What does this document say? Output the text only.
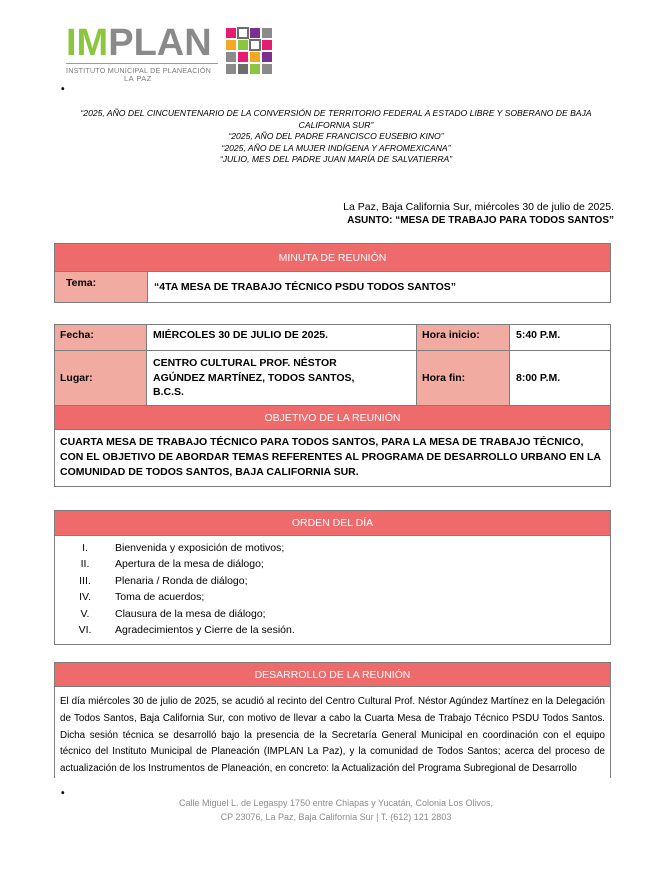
IMPLAN
INSTITUTO MUNICIPAL DE PLANEACIÓN
LA PAZ
•
“2025, AÑO DEL CINCUENTENARIO DE LA CONVERSIÓN DE TERRITORIO FEDERAL A ESTADO LIBRE Y SOBERANO DE BAJA CALIFORNIA SUR”
“2025, AÑO DEL PADRE FRANCISCO EUSEBIO KINO”
“2025, AÑO DE LA MUJER INDÍGENA Y AFROMEXICANA”
“JULIO, MES DEL PADRE JUAN MARÍA DE SALVATIERRA”
La Paz, Baja California Sur, miércoles 30 de julio de 2025.
ASUNTO: “MESA DE TRABAJO PARA TODOS SANTOS”
MINUTA DE REUNIÓN
Tema:	“4TA MESA DE TRABAJO TÉCNICO PSDU TODOS SANTOS”
Fecha:	MIÉRCOLES 30 DE JULIO DE 2025.	Hora inicio:	5:40 P.M.
Lugar:	CENTRO CULTURAL PROF. NÉSTOR AGÚNDEZ MARTÍNEZ, TODOS SANTOS, B.C.S.	Hora fin:	8:00 P.M.
OBJETIVO DE LA REUNIÓN			
CUARTA MESA DE TRABAJO TÉCNICO PARA TODOS SANTOS, PARA LA MESA DE TRABAJO TÉCNICO, CON EL OBJETIVO DE ABORDAR TEMAS REFERENTES AL PROGRAMA DE DESARROLLO URBANO EN LA COMUNIDAD DE TODOS SANTOS, BAJA CALIFORNIA SUR.			
ORDEN DEL DÍA

I.	Bienvenida y exposición de motivos;
II.	Apertura de la mesa de diálogo;
III.	Plenaria / Ronda de diálogo;
IV.	Toma de acuerdos;
V.	Clausura de la mesa de diálogo;
VI.	Agradecimientos y Cierre de la sesión.
DESARROLLO DE LA REUNIÓN

El día miércoles 30 de julio de 2025, se acudió al recinto del Centro Cultural Prof. Néstor Agúndez Martínez en la Delegación de Todos Santos, Baja California Sur, con motivo de llevar a cabo la Cuarta Mesa de Trabajo Técnico PSDU Todos Santos. Dicha sesión técnica se desarrolló bajo la presencia de la Secretaría General Municipal en coordinación con el equipo técnico del Instituto Municipal de Planeación (IMPLAN La Paz), y la comunidad de Todos Santos; acerca del proceso de actualización de los Instrumentos de Planeación, en concreto: la Actualización del Programa Subregional de Desarrollo
•
Calle Miguel L. de Legaspy 1750 entre Chiapas y Yucatán, Colonia Los Olivos,
CP 23076, La Paz, Baja California Sur | T. (612) 121 2803
